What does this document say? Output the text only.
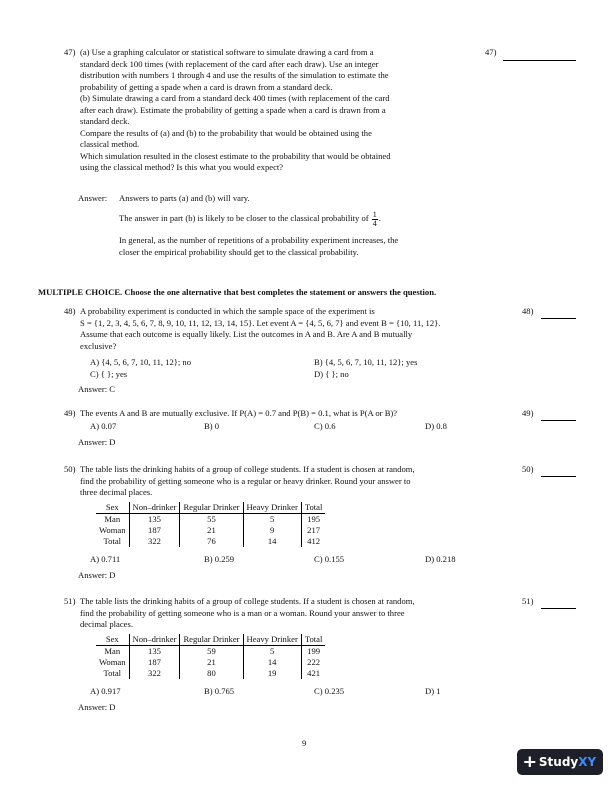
47) (a) Use a graphing calculator or statistical software to simulate drawing a card from a
standard deck 100 times (with replacement of the card after each draw). Use an integer
distribution with numbers 1 through 4 and use the results of the simulation to estimate the
probability of getting a spade when a card is drawn from a standard deck.
(b) Simulate drawing a card from a standard deck 400 times (with replacement of the card
after each draw). Estimate the probability of getting a spade when a card is drawn from a
standard deck.
Compare the results of (a) and (b) to the probability that would be obtained using the
classical method.
Which simulation resulted in the closest estimate to the probability that would be obtained
using the classical method? Is this what you would expect?
47)
Answer: Answers to parts (a) and (b) will vary.
The answer in part (b) is likely to be closer to the classical probability of $\frac{1}{4}$ .
In general, as the number of repetitions of a probability experiment increases, the
closer the empirical probability should get to the classical probability.
MULTIPLE CHOICE. Choose the one alternative that best completes the statement or answers the question.
48) A probability experiment is conducted in which the sample space of the experiment is
S = {1, 2, 3, 4, 5, 6, 7, 8, 9, 10, 11, 12, 13, 14, 15}. Let event A = {4, 5, 6, 7} and event B = {10, 11, 12}.
Assume that each outcome is equally likely. List the outcomes in A and B. Are A and B mutually
exclusive?
48)
A) {4, 5, 6, 7, 10, 11, 12}; no	B) {4, 5, 6, 7, 10, 11, 12}; yes
C) { }; yes	D) { }; no
Answer: C
49) The events A and B are mutually exclusive. If P(A) = 0.7 and P(B) = 0.1, what is P(A or B)?	49)
A) 0.07	B) 0	C) 0.6	D) 0.8
Answer: D
50) The table lists the drinking habits of a group of college students. If a student is chosen at random,
find the probability of getting someone who is a regular or heavy drinker. Round your answer to
three decimal places.
50)
Sex	Non–drinker	Regular Drinker	Heavy Drinker	Total
Man	135	55	5	195
Woman	187	21	9	217
Total	322	76	14	412
A) 0.711	B) 0.259	C) 0.155	D) 0.218
Answer: D
51) The table lists the drinking habits of a group of college students. If a student is chosen at random,
find the probability of getting someone who is a man or a woman. Round your answer to three
decimal places.
51)
Sex	Non–drinker	Regular Drinker	Heavy Drinker	Total
Man	135	59	5	199
Woman	187	21	14	222
Total	322	80	19	421
A) 0.917	B) 0.765	C) 0.235	D) 1
Answer: D
9
➕︎ StudyXY
